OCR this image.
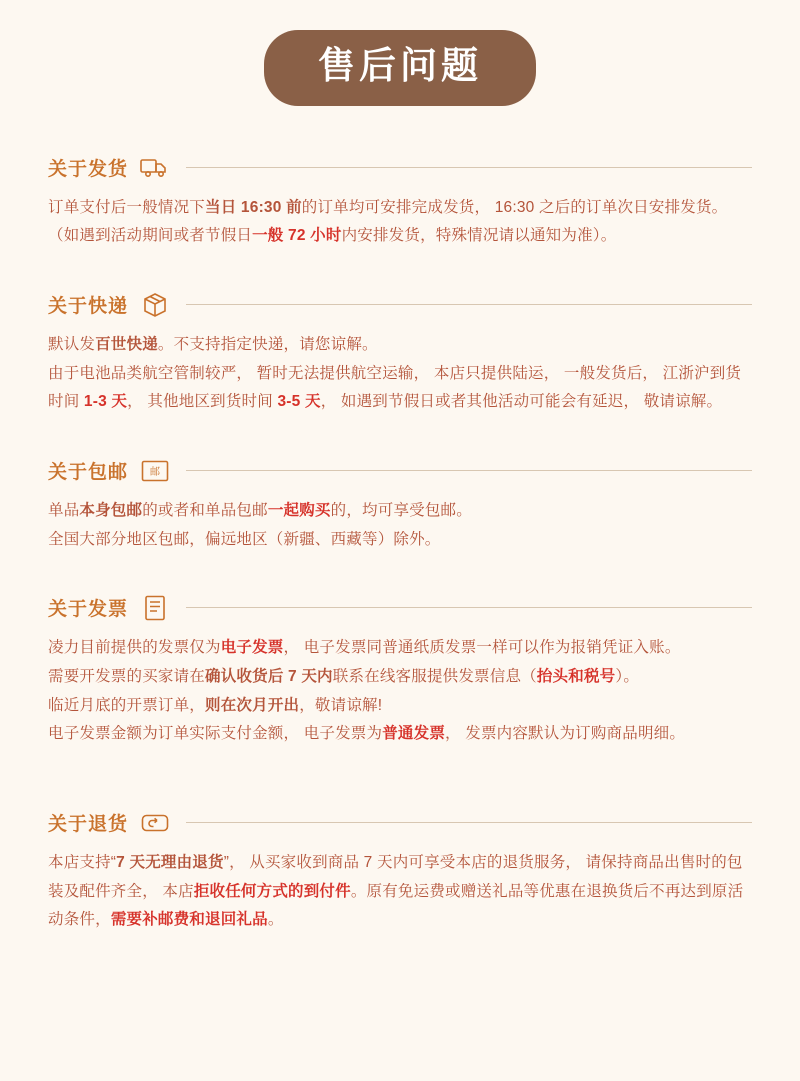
售后问题
关于发货

订单支付后一般情况下当日 16:30 前的订单均可安排完成发货， 16:30 之后的订单次日安排发货。

（如遇到活动期间或者节假日一般 72 小时内安排发货，特殊情况请以通知为准）。

关于快递

默认发百世快递。不支持指定快递，请您谅解。

由于电池品类航空管制较严， 暂时无法提供航空运输， 本店只提供陆运， 一般发货后， 江浙沪到货时间 1-3 天， 其他地区到货时间 3-5 天， 如遇到节假日或者其他活动可能会有延迟， 敬请谅解。

关于包邮 邮

单品本身包邮的或者和单品包邮一起购买的，均可享受包邮。

全国大部分地区包邮，偏远地区（新疆、西藏等）除外。

关于发票

凌力目前提供的发票仅为电子发票， 电子发票同普通纸质发票一样可以作为报销凭证入账。

需要开发票的买家请在确认收货后 7 天内联系在线客服提供发票信息（抬头和税号）。

临近月底的开票订单，则在次月开出，敬请谅解!

电子发票金额为订单实际支付金额， 电子发票为普通发票， 发票内容默认为订购商品明细。

关于退货

本店支持“7 天无理由退货”， 从买家收到商品 7 天内可享受本店的退货服务， 请保持商品出售时的包装及配件齐全， 本店拒收任何方式的到付件。原有免运费或赠送礼品等优惠在退换货后不再达到原活动条件，需要补邮费和退回礼品。
